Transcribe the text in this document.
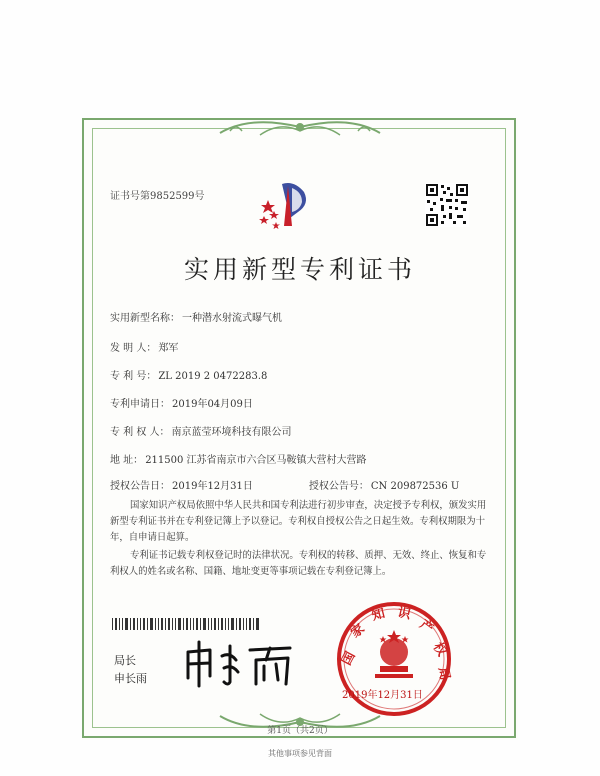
证书号第9852599号
实用新型专利证书
实用新型名称： 一种潜水射流式曝气机
发 明 人： 郑军
专 利 号： ZL 2019 2 0472283.8
专利申请日： 2019年04月09日
专 利 权 人： 南京蓝莹环境科技有限公司
地 址： 211500 江苏省南京市六合区马鞍镇大营村大营路
授权公告日： 2019年12月31日	授权公告号： CN 209872536 U
国家知识产权局依照中华人民共和国专利法进行初步审查，决定授予专利权，颁发实用新型专利证书并在专利登记簿上予以登记。专利权自授权公告之日起生效。专利权期限为十年，自申请日起算。
专利证书记载专利权登记时的法律状况。专利权的转移、质押、无效、终止、恢复和专利权人的姓名或名称、国籍、地址变更等事项记载在专利登记簿上。
局长
申长雨
国
家
知 识
产
权
局
2019年12月31日
第1页（共2页）
其他事项参见背面
